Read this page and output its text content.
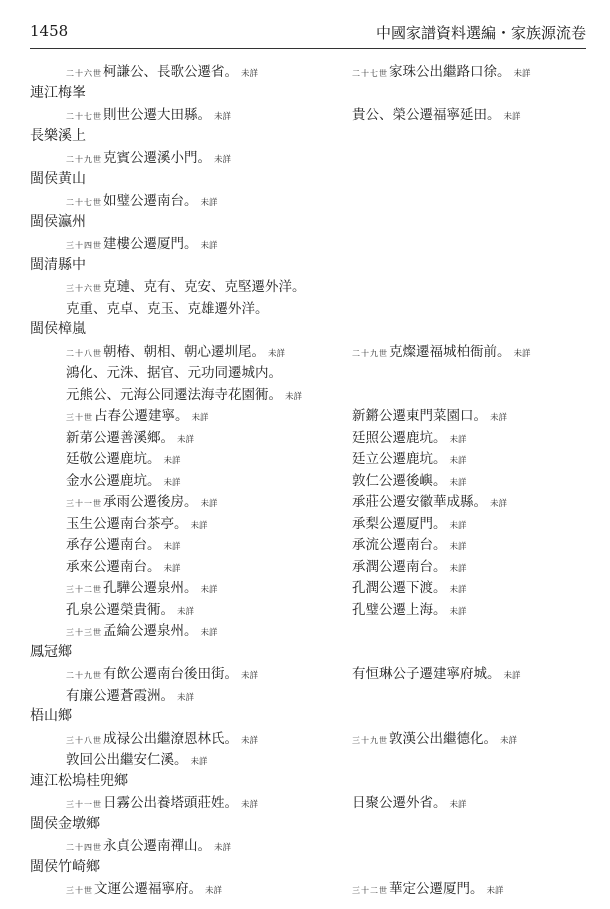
1458	中國家譜資料選編・家族源流卷
二十六世柯謙公、長歌公遷省。 未詳	二十七世家珠公出繼路口徐。 未詳
連江梅峯
二十七世則世公遷大田縣。 未詳	貴公、榮公遷福寧延田。 未詳
長樂溪上
二十九世克賓公遷溪小門。 未詳
閩侯黄山
二十七世如璧公遷南台。 未詳
閩侯瀛州
三十四世建樓公遷厦門。 未詳
閩清縣中
三十六世克璉、克有、克安、克堅遷外洋。
克重、克卓、克玉、克雄遷外洋。
閩侯樟嵐
二十八世朝椿、朝相、朝心遷圳尾。 未詳	二十九世克燦遷福城柏衙前。 未詳
鴻化、元洙、据官、元功同遷城内。
元熊公、元海公同遷法海寺花園衕。 未詳
三十世占春公遷建寧。 未詳	新鏘公遷東門菜園口。 未詳
新苐公遷善溪鄉。 未詳	廷照公遷鹿坑。 未詳
廷敬公遷鹿坑。 未詳	廷立公遷鹿坑。 未詳
金水公遷鹿坑。 未詳	敦仁公遷後嶼。 未詳
三十一世承雨公遷後房。 未詳	承莊公遷安徽華成縣。 未詳
玉生公遷南台茶亭。 未詳	承梨公遷厦門。 未詳
承存公遷南台。 未詳	承流公遷南台。 未詳
承來公遷南台。 未詳	承潤公遷南台。 未詳
三十二世孔驊公遷泉州。 未詳	孔潤公遷下渡。 未詳
孔泉公遷榮貴衕。 未詳	孔璧公遷上海。 未詳
三十三世孟綸公遷泉州。 未詳
鳳冠鄉
二十九世有飲公遷南台後田街。 未詳	有恒琳公子遷建寧府城。 未詳
有廉公遷蒼霞洲。 未詳
梧山鄉
三十八世成禄公出繼潦恩林氏。 未詳	三十九世敦漢公出繼德化。 未詳
敦回公出繼安仁溪。 未詳
連江松塢桂兜鄉
三十一世日霧公出養塔頭莊姓。 未詳	日聚公遷外省。 未詳
閩侯金墩鄉
二十四世永貞公遷南禪山。 未詳
閩侯竹崎鄉
三十世文運公遷福寧府。 未詳	三十二世華定公遷厦門。 未詳
